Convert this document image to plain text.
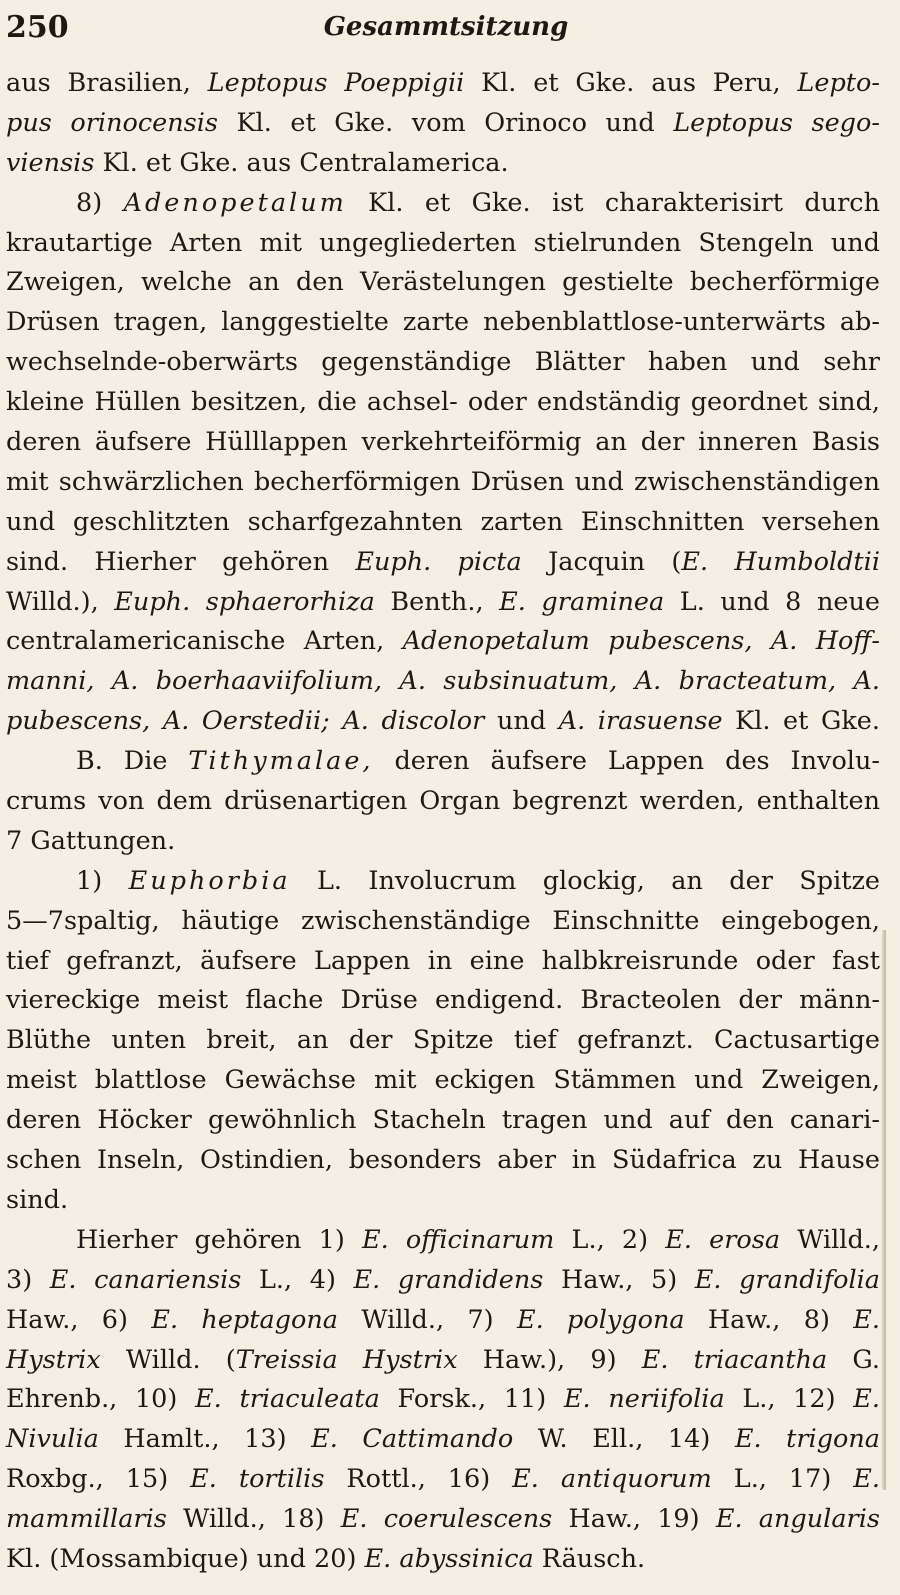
250	Gesammtsitzung
aus Brasilien, Leptopus Poeppigii Kl. et Gke. aus Peru, Lepto-
pus orinocensis Kl. et Gke. vom Orinoco und Leptopus sego-
viensis Kl. et Gke. aus Centralamerica.
8) Adenopetalum Kl. et Gke. ist charakterisirt durch
krautartige Arten mit ungegliederten stielrunden Stengeln und
Zweigen, welche an den Verästelungen gestielte becherförmige
Drüsen tragen, langgestielte zarte nebenblattlose-unterwärts ab-
wechselnde-oberwärts gegenständige Blätter haben und sehr
kleine Hüllen besitzen, die achsel- oder endständig geordnet sind,
deren äufsere Hülllappen verkehrteiförmig an der inneren Basis
mit schwärzlichen becherförmigen Drüsen und zwischenständigen
und geschlitzten scharfgezahnten zarten Einschnitten versehen
sind. Hierher gehören Euph. picta Jacquin (E. Humboldtii
Willd.), Euph. sphaerorhiza Benth., E. graminea L. und 8 neue
centralamericanische Arten, Adenopetalum pubescens, A. Hoff-
manni, A. boerhaaviifolium, A. subsinuatum, A. bracteatum, A.
pubescens, A. Oerstedii; A. discolor und A. irasuense Kl. et Gke.
B. Die Tithymalae, deren äufsere Lappen des Involu-
crums von dem drüsenartigen Organ begrenzt werden, enthalten
7 Gattungen.
1) Euphorbia L. Involucrum glockig, an der Spitze
5—7spaltig, häutige zwischenständige Einschnitte eingebogen,
tief gefranzt, äufsere Lappen in eine halbkreisrunde oder fast
viereckige meist flache Drüse endigend. Bracteolen der männ-
Blüthe unten breit, an der Spitze tief gefranzt. Cactusartige
meist blattlose Gewächse mit eckigen Stämmen und Zweigen,
deren Höcker gewöhnlich Stacheln tragen und auf den canari-
schen Inseln, Ostindien, besonders aber in Südafrica zu Hause
sind.
Hierher gehören 1) E. officinarum L., 2) E. erosa Willd.,
3) E. canariensis L., 4) E. grandidens Haw., 5) E. grandifolia
Haw., 6) E. heptagona Willd., 7) E. polygona Haw., 8) E.
Hystrix Willd. (Treissia Hystrix Haw.), 9) E. triacantha G.
Ehrenb., 10) E. triaculeata Forsk., 11) E. neriifolia L., 12) E.
Nivulia Hamlt., 13) E. Cattimando W. Ell., 14) E. trigona
Roxbg., 15) E. tortilis Rottl., 16) E. antiquorum L., 17) E.
mammillaris Willd., 18) E. coerulescens Haw., 19) E. angularis
Kl. (Mossambique) und 20) E. abyssinica Räusch.
